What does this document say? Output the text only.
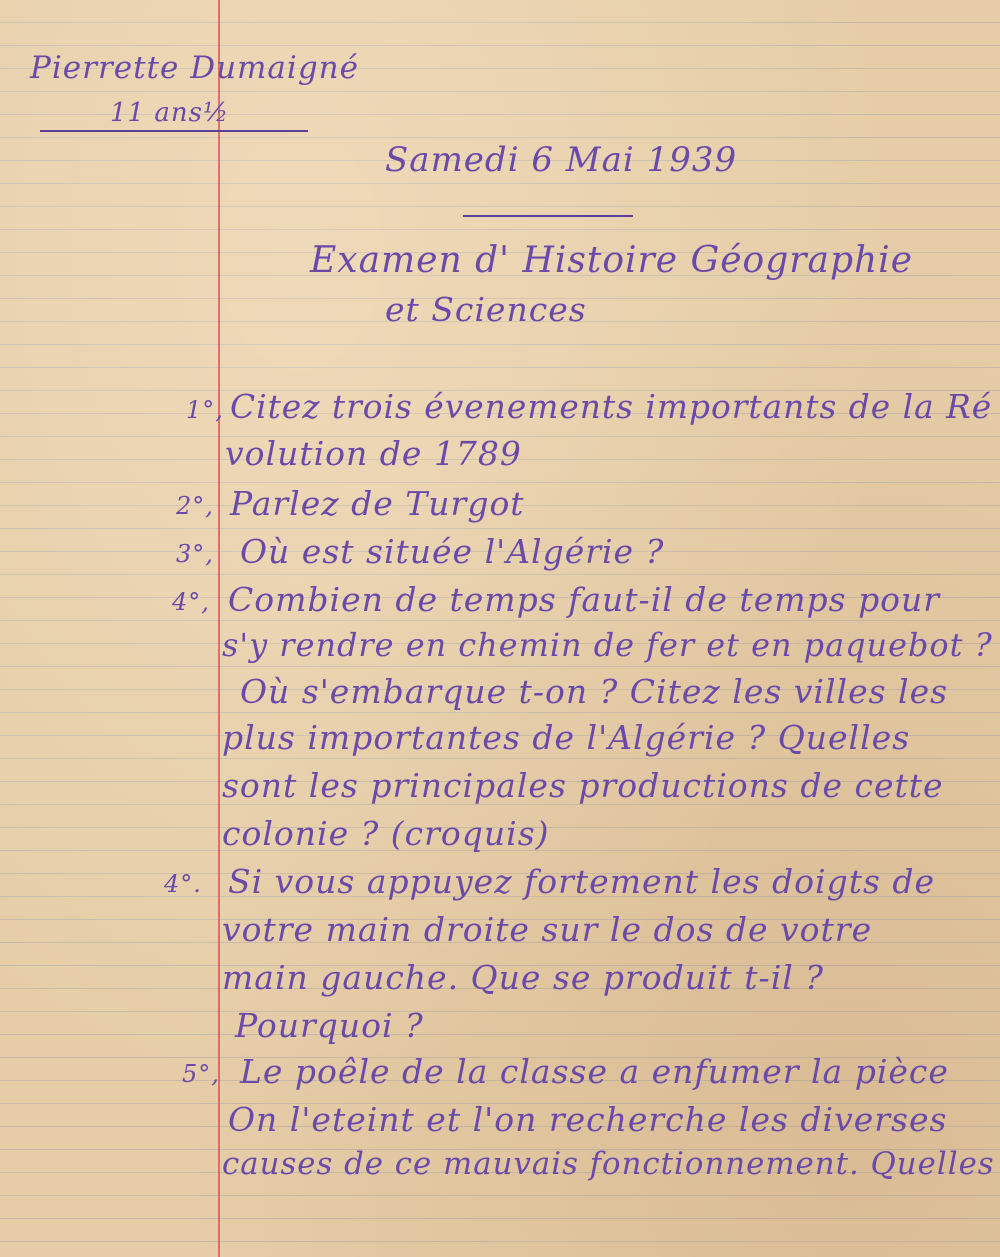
Pierrette Dumaigné
11 ans½
Samedi 6 Mai 1939
Examen d' Histoire Géographie
et Sciences
1°, Citez trois évenements importants de la Ré
volution de 1789
2°, Parlez de Turgot
3°, Où est située l'Algérie ?
4°, Combien de temps faut-il de temps pour
s'y rendre en chemin de fer et en paquebot ?
Où s'embarque t-on ? Citez les villes les
plus importantes de l'Algérie ? Quelles
sont les principales productions de cette
colonie ? (croquis)
4°. Si vous appuyez fortement les doigts de
votre main droite sur le dos de votre
main gauche. Que se produit t-il ?
Pourquoi ?
5°, Le poêle de la classe a enfumer la pièce
On l'eteint et l'on recherche les diverses
causes de ce mauvais fonctionnement. Quelles
